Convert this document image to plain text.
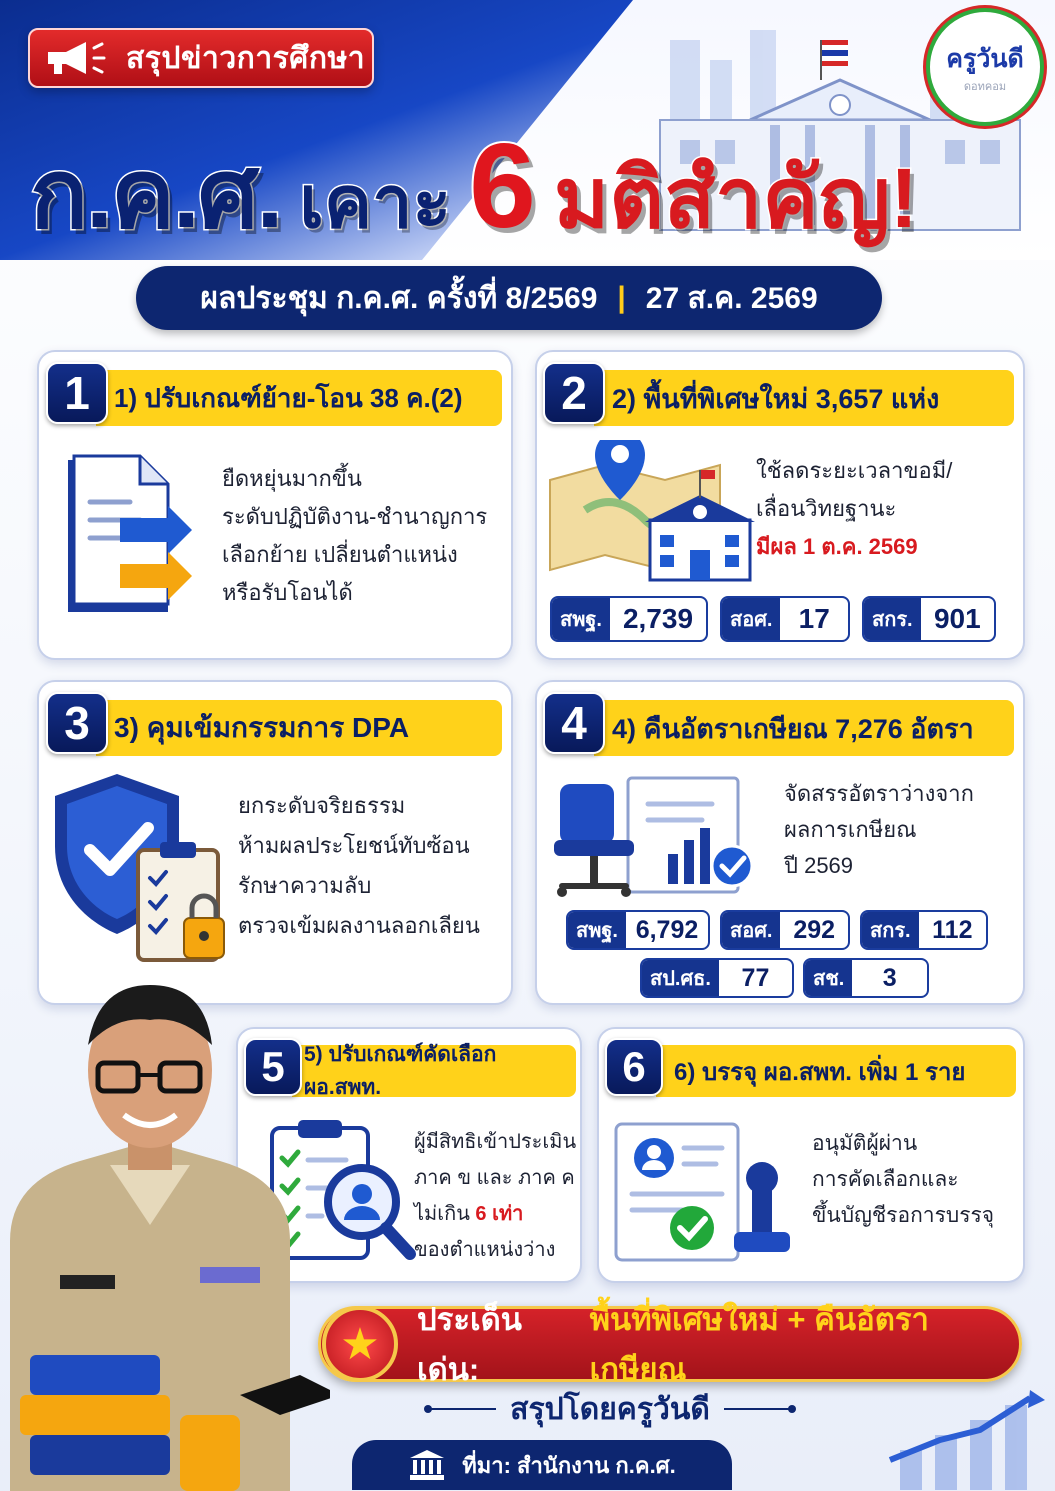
สรุปข่าวการศึกษา	ครูวันดี
ดอทคอม
ก.ค.ศ. เคาะ 6 มติสำคัญ!
ผลประชุม ก.ค.ศ. ครั้งที่ 8/2569 | 27 ส.ค. 2569
1) ปรับเกณฑ์ย้าย-โอน 38 ค.(2)
1
ยืดหยุ่นมากขึ้น
ระดับปฏิบัติงาน-ชำนาญการ
เลือกย้าย เปลี่ยนตำแหน่ง
หรือรับโอนได้
2) พื้นที่พิเศษใหม่ 3,657 แห่ง
2
ใช้ลดระยะเวลาขอมี/
เลื่อนวิทยฐานะ
มีผล 1 ต.ค. 2569
สพฐ. 2,739	สอศ. 17	สกร. 901
3) คุมเข้มกรรมการ DPA
3
ยกระดับจริยธรรม
ห้ามผลประโยชน์ทับซ้อน
รักษาความลับ
ตรวจเข้มผลงานลอกเลียน
4) คืนอัตราเกษียณ 7,276 อัตรา
4
จัดสรรอัตราว่างจาก
ผลการเกษียณ
ปี 2569
สพฐ. 6,792	สอศ. 292	สกร. 112
สป.ศธ.	77	สช.	3
5) ปรับเกณฑ์คัดเลือก ผอ.สพท.
5
ผู้มีสิทธิเข้าประเมิน
ภาค ข และ ภาค ค
ไม่เกิน 6 เท่า
ของตำแหน่งว่าง
6) บรรจุ ผอ.สพท. เพิ่ม 1 ราย
6
อนุมัติผู้ผ่าน
การคัดเลือกและ
ขึ้นบัญชีรอการบรรจุ
ประเด็นเด่น:
พื้นที่พิเศษใหม่ + คืนอัตราเกษียณ
★
สรุปโดยครูวันดี
ที่มา: สำนักงาน ก.ค.ศ.
